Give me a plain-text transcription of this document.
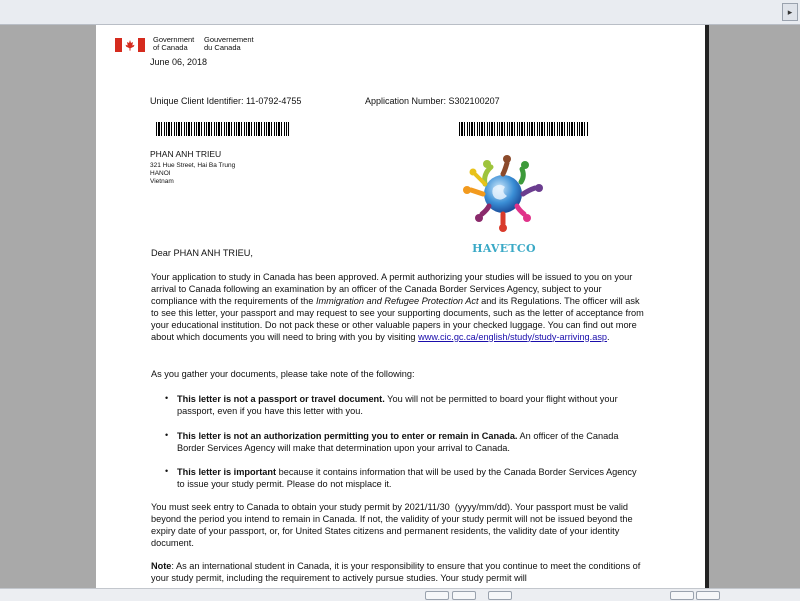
▸
Government
of Canada
Gouvernement
du Canada
June 06, 2018
Unique Client Identifier: 11-0792-4755	Application Number: S302100207
PHAN ANH TRIEU
321 Hue Street, Hai Ba Trung
HANOI
Vietnam
HAVETCO

Dear PHAN ANH TRIEU,

Your application to study in Canada has been approved. A permit authorizing your studies will be issued to you on your arrival to Canada following an examination by an officer of the Canada Border Services Agency, subject to your compliance with the requirements of the Immigration and Refugee Protection Act and its Regulations. The officer will ask to see this letter, your passport and may request to see your supporting documents, such as the letter of acceptance from your educational institution. Do not pack these or other valuable papers in your checked luggage. You can find out more about which documents you will need to bring with you by visiting www.cic.gc.ca/english/study/study-arriving.asp.

As you gather your documents, please take note of the following:

• This letter is not a passport or travel document. You will not be permitted to board your flight without your passport, even if you have this letter with you.
• This letter is not an authorization permitting you to enter or remain in Canada. An officer of the Canada Border Services Agency will make that determination upon your arrival to Canada.
• This letter is important because it contains information that will be used by the Canada Border Services Agency to issue your study permit. Please do not misplace it.

You must seek entry to Canada to obtain your study permit by 2021/11/30 (yyyy/mm/dd). Your passport must be valid beyond the period you intend to remain in Canada. If not, the validity of your study permit will not be issued beyond the expiry date of your passport, or, for United States citizens and permanent residents, the validity date of your identity document.

Note: As an international student in Canada, it is your responsibility to ensure that you continue to meet the conditions of your study permit, including the requirement to actively pursue studies. Your study permit will
